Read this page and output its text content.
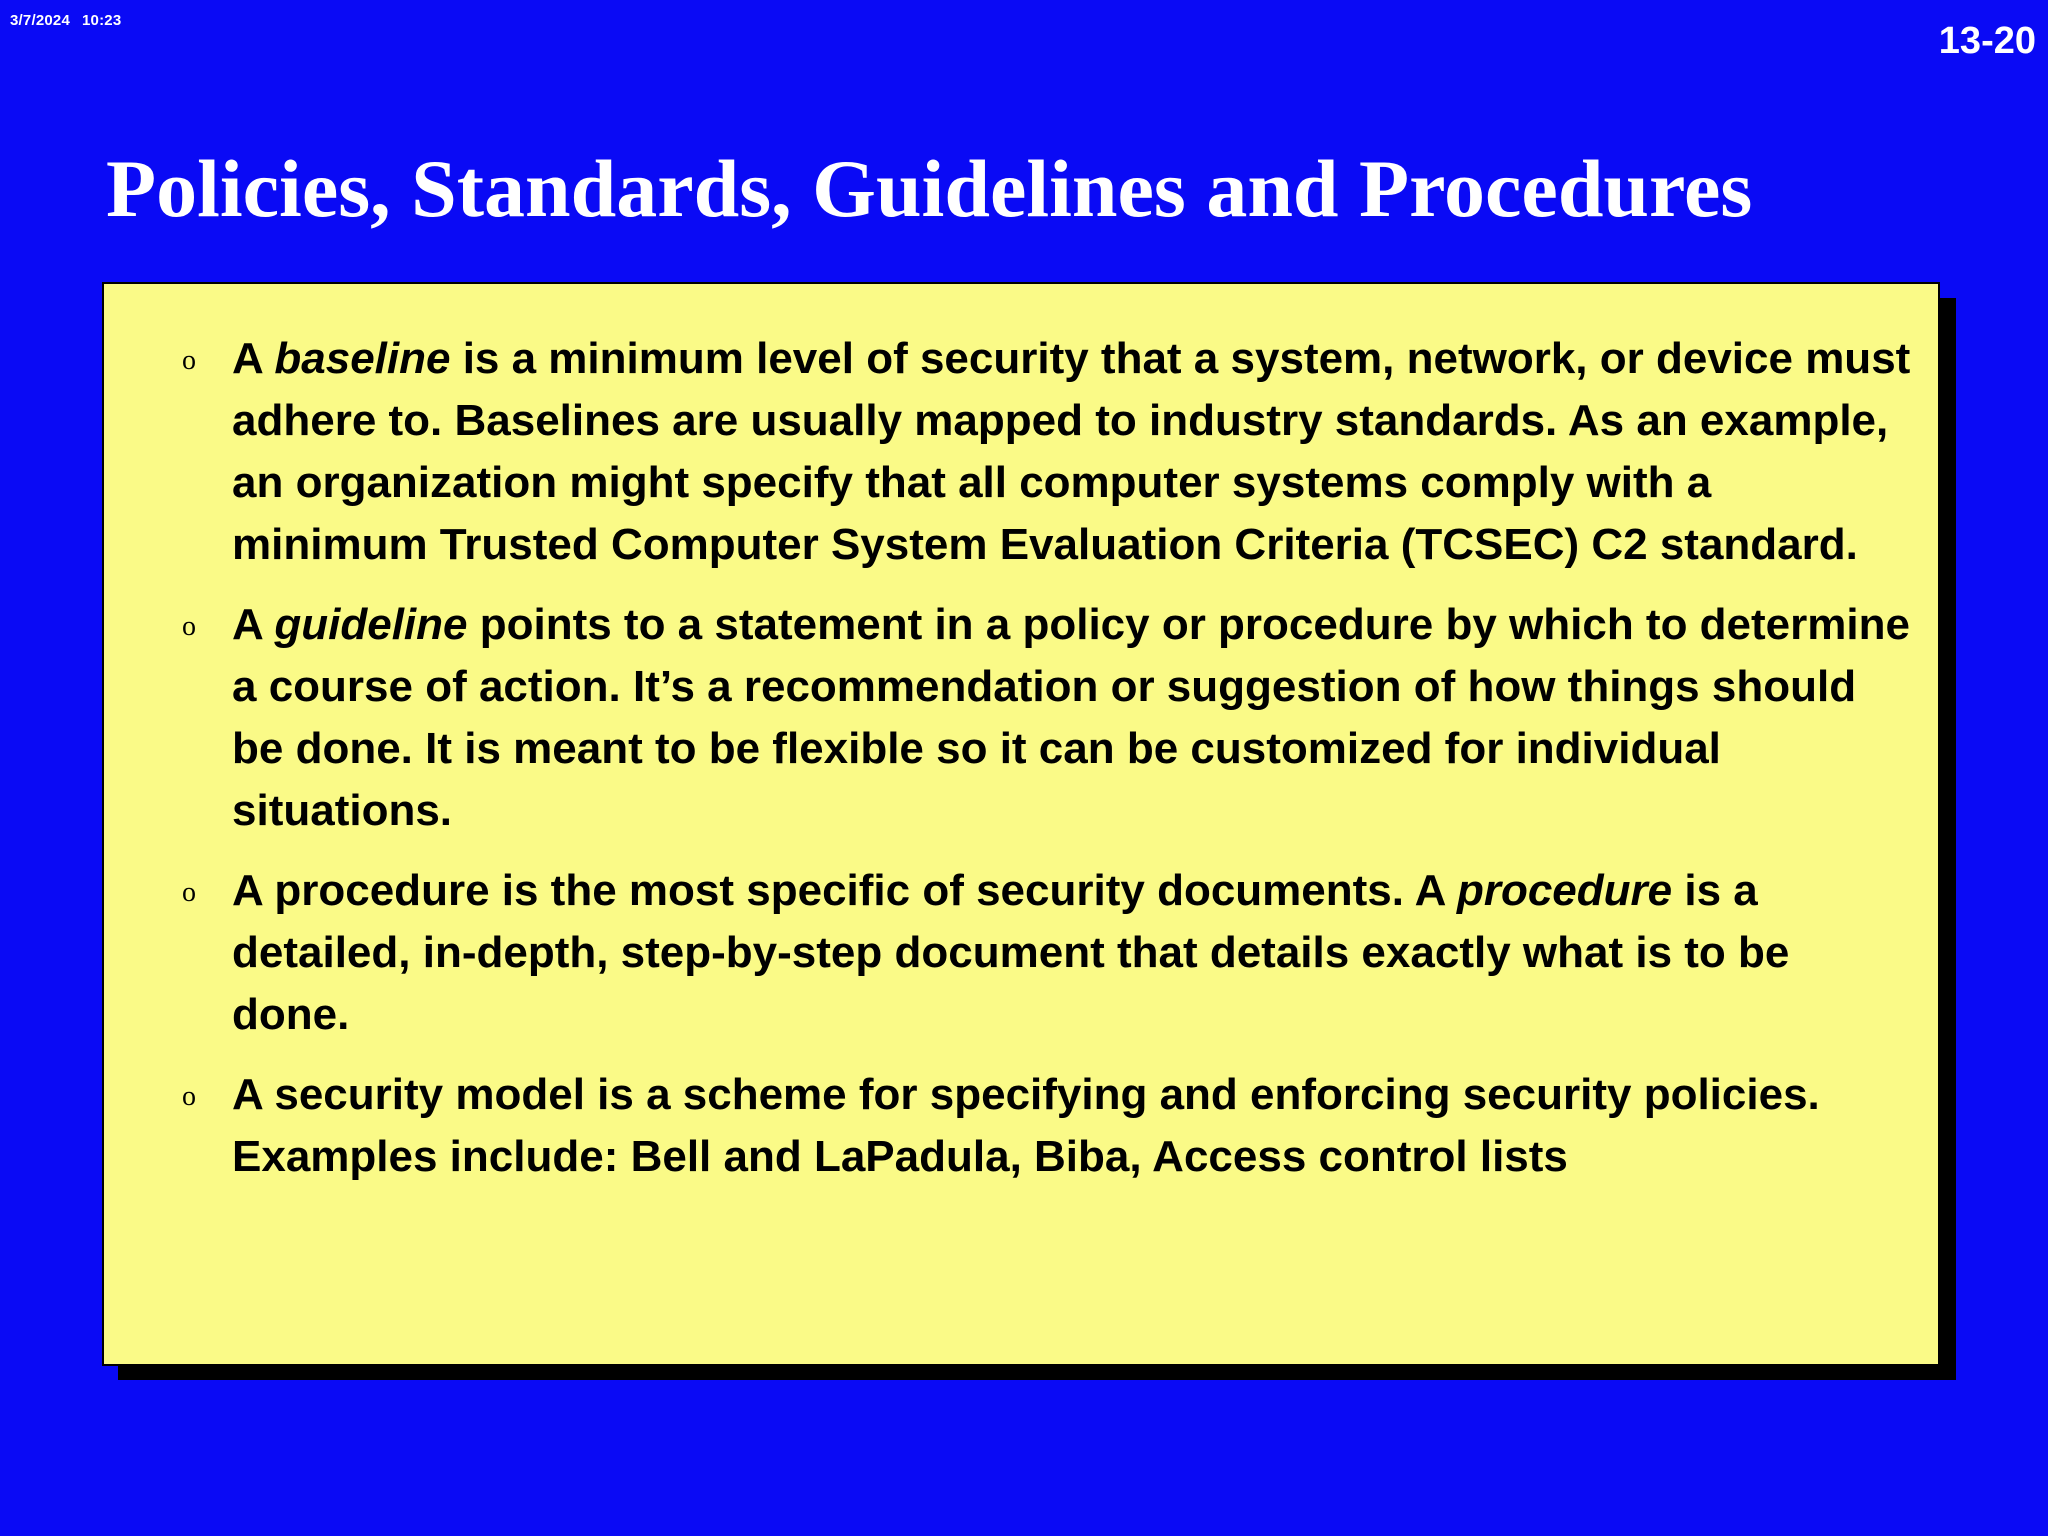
3/7/2024 10:23	13-20
Policies, Standards, Guidelines and Procedures
o A baseline is a minimum level of security that a system, network, or device must adhere to. Baselines are usually mapped to industry standards. As an example, an organization might specify that all computer systems comply with a minimum Trusted Computer System Evaluation Criteria (TCSEC) C2 standard.
o A guideline points to a statement in a policy or procedure by which to determine a course of action. It’s a recommendation or suggestion of how things should be done. It is meant to be flexible so it can be customized for individual situations.
o A procedure is the most specific of security documents. A procedure is a detailed, in-depth, step-by-step document that details exactly what is to be done.
o A security model is a scheme for specifying and enforcing security policies. Examples include: Bell and LaPadula, Biba, Access control lists
